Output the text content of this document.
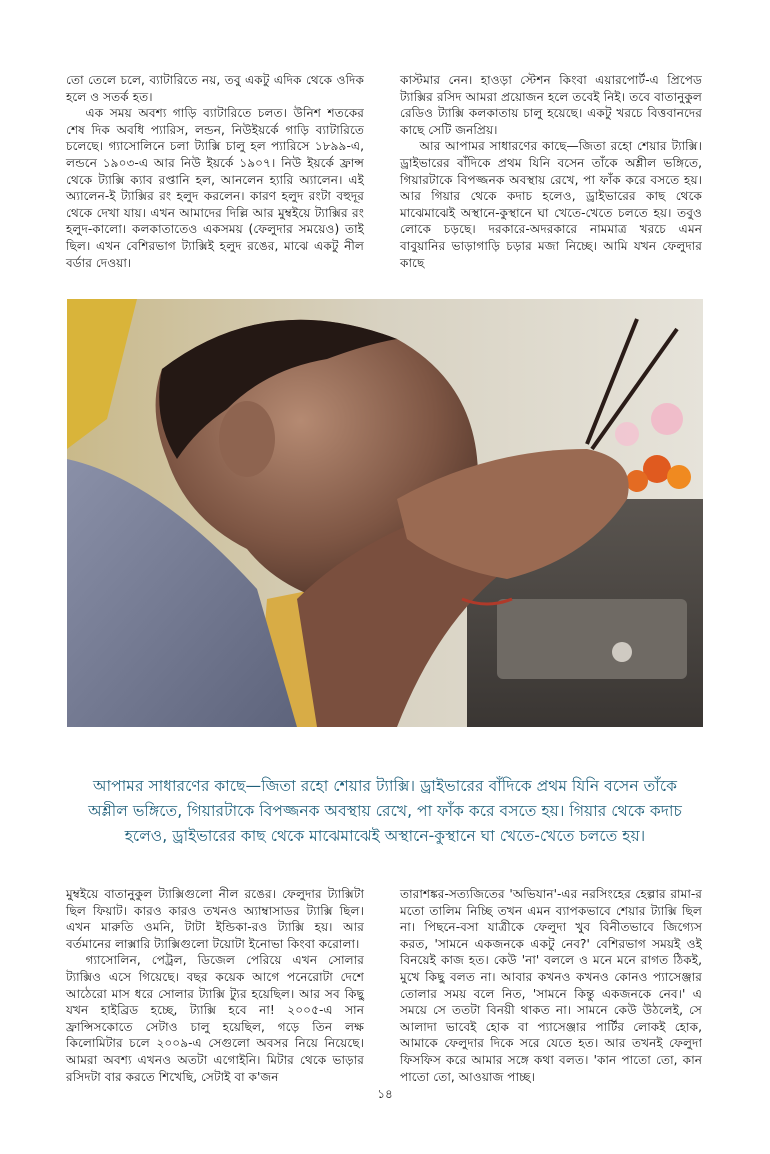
তো তেলে চলে, ব্যাটারিতে নয়, তবু একটু এদিক থেকে ওদিক হলে ও সতর্ক হত।

এক সময় অবশ্য গাড়ি ব্যাটারিতে চলত। উনিশ শতকের শেষ দিক অবধি প্যারিস, লন্ডন, নিউইয়র্কে গাড়ি ব্যাটারিতে চলেছে। গ্যাসোলিনে চলা ট্যাক্সি চালু হল প্যারিসে ১৮৯৯-এ, লন্ডনে ১৯০৩-এ আর নিউ ইয়র্কে ১৯০৭। নিউ ইয়র্কে ফ্রান্স থেকে ট্যাক্সি ক্যাব রপ্তানি হল, আনলেন হ্যারি অ্যালেন। এই অ্যালেন-ই ট্যাক্সির রং হলুদ করলেন। কারণ হলুদ রংটা বহুদূর থেকে দেখা যায়। এখন আমাদের দিল্লি আর মুম্বইয়ে ট্যাক্সির রং হলুদ-কালো। কলকাতাতেও একসময় (ফেলুদার সময়েও) তাই ছিল। এখন বেশিরভাগ ট্যাক্সিই হলুদ রঙের, মাঝে একটু নীল বর্ডার দেওয়া।

কাস্টমার নেন। হাওড়া স্টেশন কিংবা এয়ারপোর্ট-এ প্রিপেড ট্যাক্সির রসিদ আমরা প্রয়োজন হলে তবেই নিই। তবে বাতানুকুল রেডিও ট্যাক্সি কলকাতায় চালু হয়েছে। একটু খরচে বিত্তবানদের কাছে সেটি জনপ্রিয়।

আর আপামর সাধারণের কাছে—জিতা রহো শেয়ার ট্যাক্সি। ড্রাইভারের বাঁদিকে প্রথম যিনি বসেন তাঁকে অশ্লীল ভঙ্গিতে, গিয়ারটাকে বিপজ্জনক অবস্থায় রেখে, পা ফাঁক করে বসতে হয়। আর গিয়ার থেকে কদাচ হলেও, ড্রাইভারের কাছ থেকে মাঝেমাঝেই অস্থানে-কুস্থানে ঘা খেতে-খেতে চলতে হয়। তবুও লোকে চড়ছে। দরকারে-অদরকারে নামমাত্র খরচে এমন বাবুয়ানির ভাড়াগাড়ি চড়ার মজা নিচ্ছে। আমি যখন ফেলুদার কাছে

আপামর সাধারণের কাছে—জিতা রহো শেয়ার ট্যাক্সি। ড্রাইভারের বাঁদিকে প্রথম যিনি বসেন তাঁকে অশ্লীল ভঙ্গিতে, গিয়ারটাকে বিপজ্জনক অবস্থায় রেখে, পা ফাঁক করে বসতে হয়। গিয়ার থেকে কদাচ হলেও, ড্রাইভারের কাছ থেকে মাঝেমাঝেই অস্থানে-কুস্থানে ঘা খেতে-খেতে চলতে হয়।

মুম্বইয়ে বাতানুকুল ট্যাক্সিগুলো নীল রঙের। ফেলুদার ট্যাক্সিটা ছিল ফিয়াট। কারও কারও তখনও অ্যাম্বাসাডর ট্যাক্সি ছিল। এখন মারুতি ওমনি, টাটা ইন্ডিকা-রও ট্যাক্সি হয়। আর বর্তমানের লাক্সারি ট্যাক্সিগুলো টয়োটা ইনোভা কিংবা করোলা।

গ্যাসোলিন, পেট্রল, ডিজেল পেরিয়ে এখন সোলার ট্যাক্সিও এসে গিয়েছে। বছর কয়েক আগে পনেরোটা দেশে আঠেরো মাস ধরে সোলার ট্যাক্সি ট্যুর হয়েছিল। আর সব কিছু যখন হাইব্রিড হচ্ছে, ট্যাক্সি হবে না! ২০০৫-এ সান ফ্রান্সিসকোতে সেটাও চালু হয়েছিল, গড়ে তিন লক্ষ কিলোমিটার চলে ২০০৯-এ সেগুলো অবসর নিয়ে নিয়েছে। আমরা অবশ্য এখনও অতটা এগোইনি। মিটার থেকে ভাড়ার রসিদটা বার করতে শিখেছি, সেটাই বা ক'জন

তারাশঙ্কর-সত্যজিতের 'অভিযান'-এর নরসিংহের হেল্পার রামা-র মতো তালিম নিচ্ছি তখন এমন ব্যাপকভাবে শেয়ার ট্যাক্সি ছিল না। পিছনে-বসা যাত্রীকে ফেলুদা খুব বিনীতভাবে জিগ্যেস করত, 'সামনে একজনকে একটু নেব?' বেশিরভাগ সময়ই ওই বিনয়েই কাজ হত। কেউ 'না' বললে ও মনে মনে রাগত ঠিকই, মুখে কিছু বলত না। আবার কখনও কখনও কোনও প্যাসেঞ্জার তোলার সময় বলে নিত, 'সামনে কিন্তু একজনকে নেব।' এ সময়ে সে ততটা বিনয়ী থাকত না। সামনে কেউ উঠলেই, সে আলাদা ভাবেই হোক বা প্যাসেঞ্জার পার্টির লোকই হোক, আমাকে ফেলুদার দিকে সরে যেতে হত। আর তখনই ফেলুদা ফিসফিস করে আমার সঙ্গে কথা বলত। 'কান পাতো তো, কান পাতো তো, আওয়াজ পাচ্ছ।

১৪
